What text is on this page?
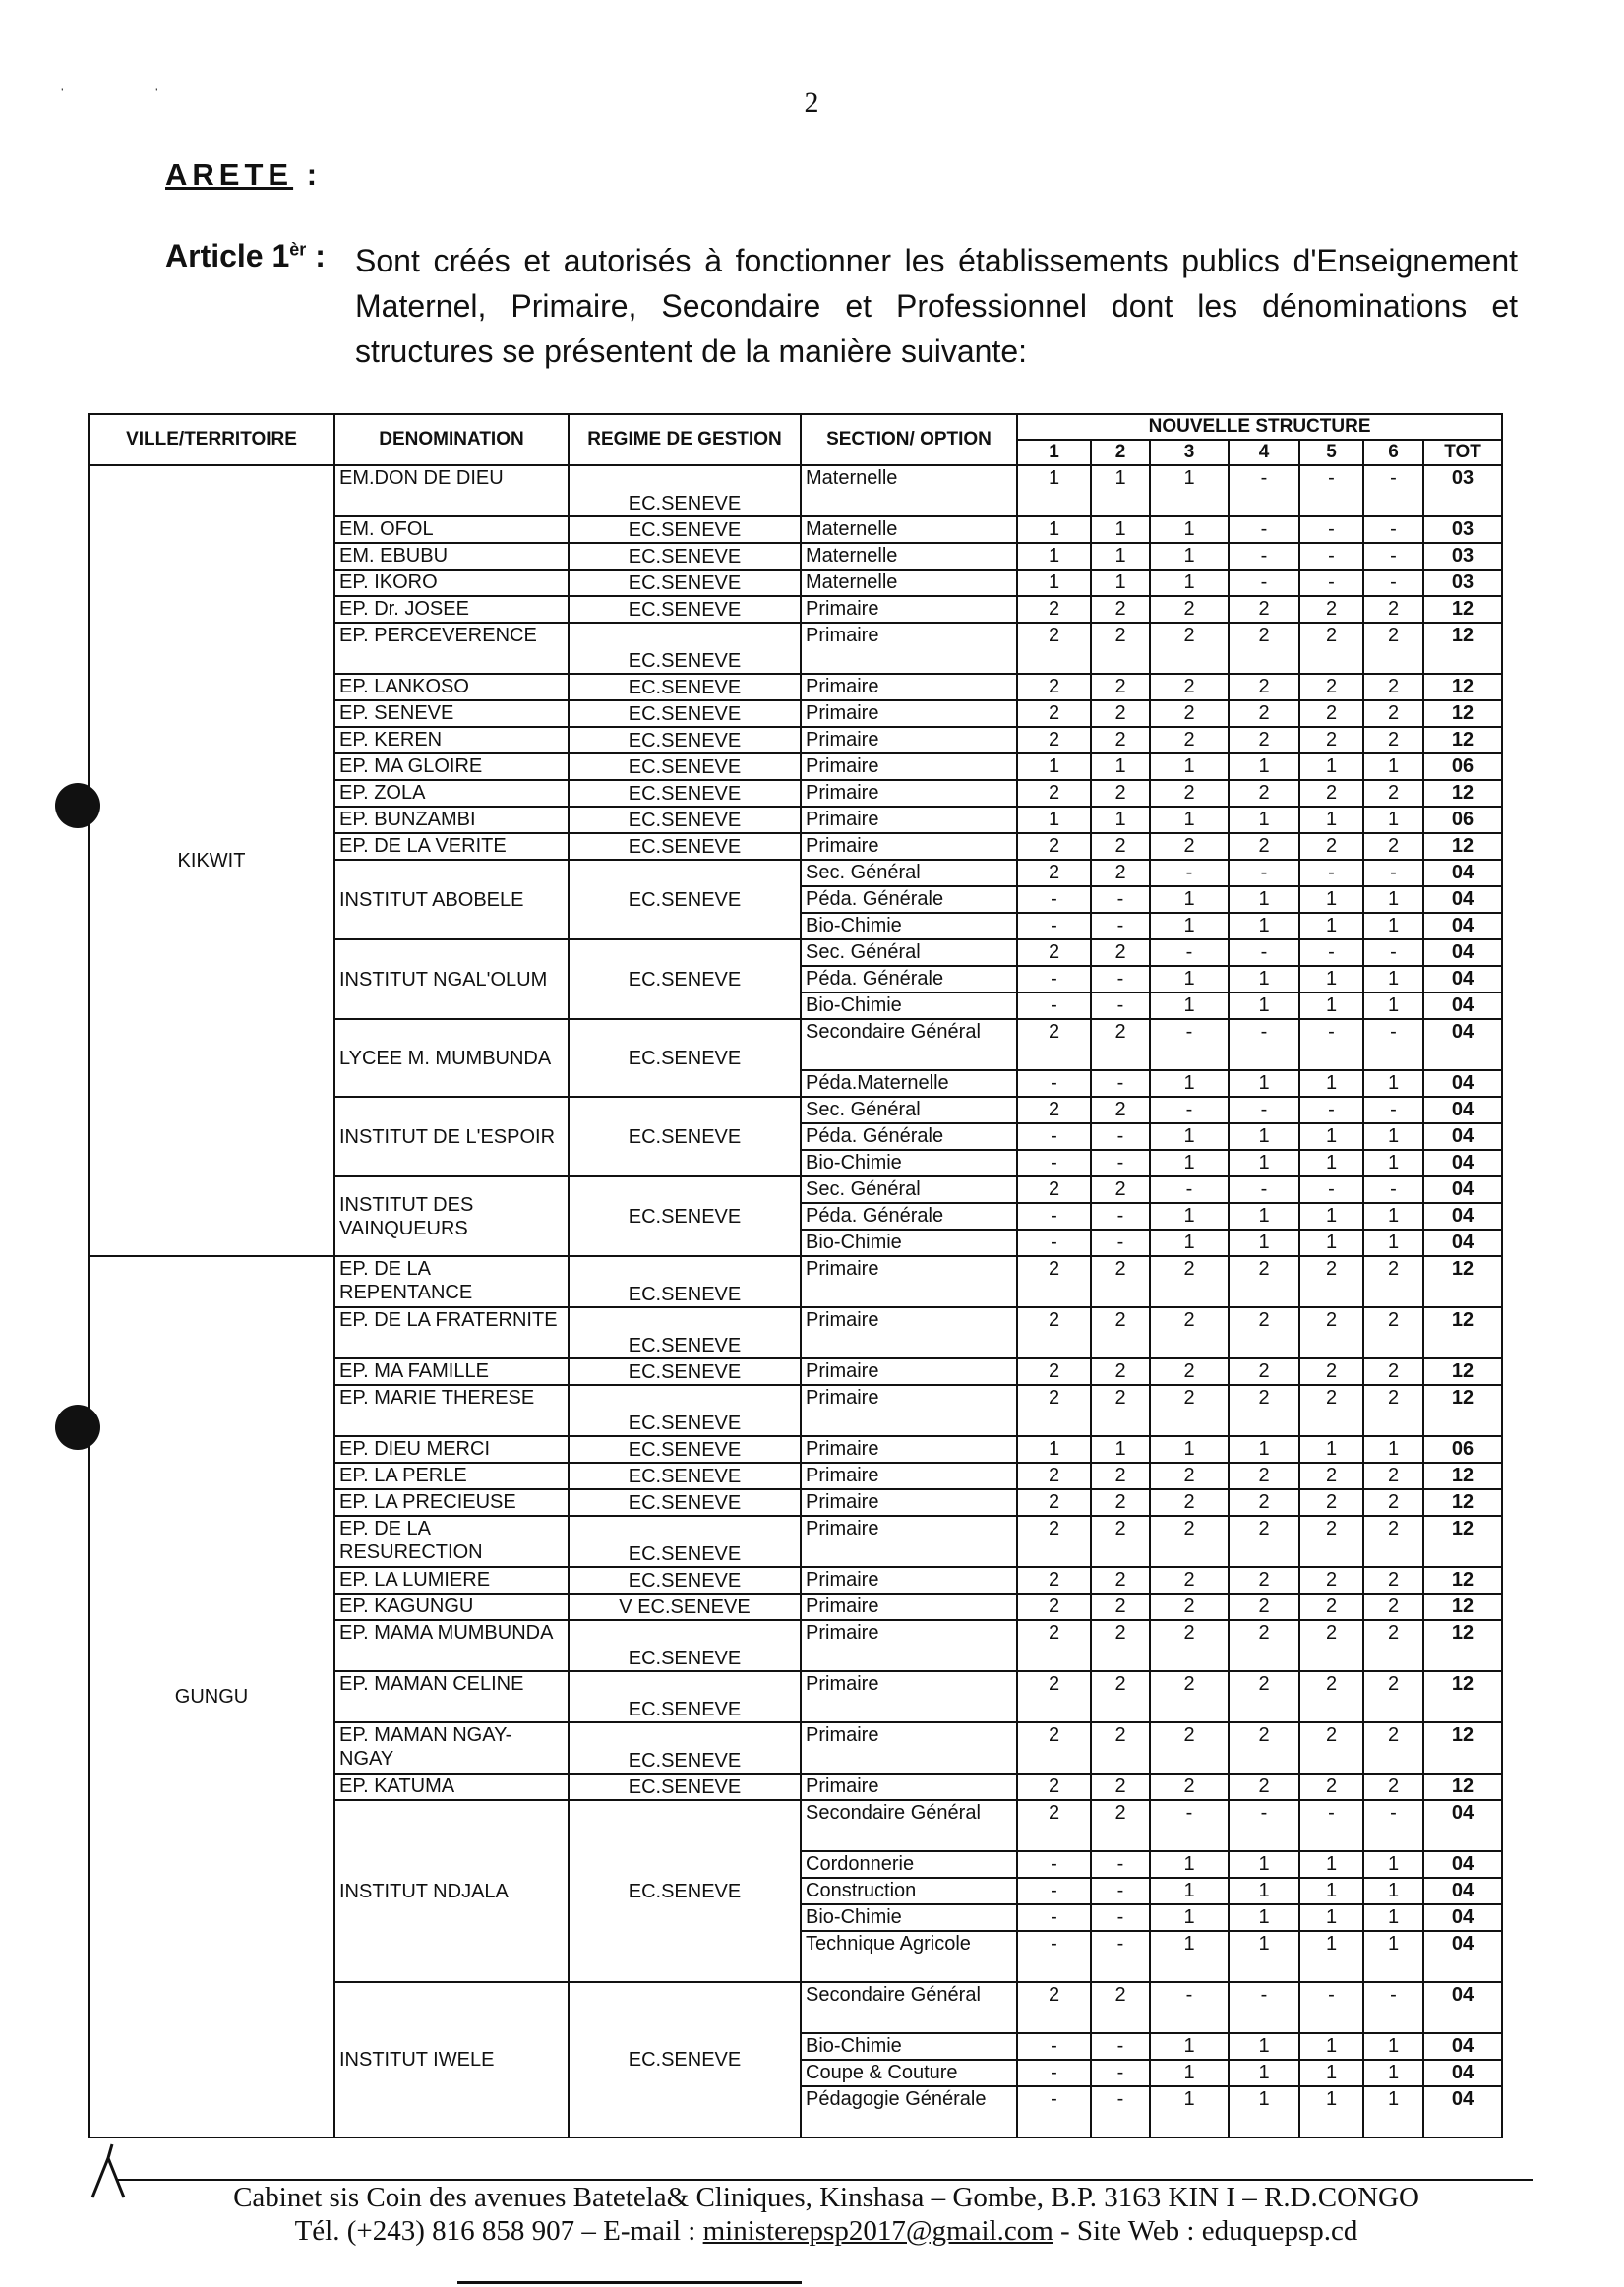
'	'	2
ARETE :
Article $1^{èr}$ : Sont créés et autorisés à fonctionner les établissements publics d'Enseignement Maternel, Primaire, Secondaire et Professionnel dont les dénominations et structures se présentent de la manière suivante:
VILLE/TERRITOIRE	DENOMINATION	REGIME DE GESTION	SECTION/ OPTION	NOUVELLE STRUCTURE						
				1	2	3	4	5	6	TOT
KIKWIT	EM.DON DE DIEU	EC.SENEVE	Maternelle	1	1	1	-	-	-	03
	EM. OFOL	EC.SENEVE	Maternelle	1	1	1	-	-	-	03
	EM. EBUBU	EC.SENEVE	Maternelle	1	1	1	-	-	-	03
	EP. IKORO	EC.SENEVE	Maternelle	1	1	1	-	-	-	03
	EP. Dr. JOSEE	EC.SENEVE	Primaire	2	2	2	2	2	2	12
	EP. PERCEVERENCE	EC.SENEVE	Primaire	2	2	2	2	2	2	12
	EP. LANKOSO	EC.SENEVE	Primaire	2	2	2	2	2	2	12
	EP. SENEVE	EC.SENEVE	Primaire	2	2	2	2	2	2	12
	EP. KEREN	EC.SENEVE	Primaire	2	2	2	2	2	2	12
	EP. MA GLOIRE	EC.SENEVE	Primaire	1	1	1	1	1	1	06
	EP. ZOLA	EC.SENEVE	Primaire	2	2	2	2	2	2	12
	EP. BUNZAMBI	EC.SENEVE	Primaire	1	1	1	1	1	1	06
	EP. DE LA VERITE	EC.SENEVE	Primaire	2	2	2	2	2	2	12
	INSTITUT ABOBELE	EC.SENEVE	Sec. Général	2	2	-	-	-	-	04
			Péda. Générale	-	-	1	1	1	1	04
			Bio-Chimie	-	-	1	1	1	1	04
	INSTITUT NGAL'OLUM	EC.SENEVE	Sec. Général	2	2	-	-	-	-	04
			Péda. Générale	-	-	1	1	1	1	04
			Bio-Chimie	-	-	1	1	1	1	04
	LYCEE M. MUMBUNDA	EC.SENEVE	Secondaire Général	2	2	-	-	-	-	04
			Péda.Maternelle	-	-	1	1	1	1	04
	INSTITUT DE L'ESPOIR	EC.SENEVE	Sec. Général	2	2	-	-	-	-	04
			Péda. Générale	-	-	1	1	1	1	04
			Bio-Chimie	-	-	1	1	1	1	04
	INSTITUT DES VAINQUEURS	EC.SENEVE	Sec. Général	2	2	-	-	-	-	04
			Péda. Générale	-	-	1	1	1	1	04
			Bio-Chimie	-	-	1	1	1	1	04
GUNGU	EP. DE LA REPENTANCE	EC.SENEVE	Primaire	2	2	2	2	2	2	12
	EP. DE LA FRATERNITE	EC.SENEVE	Primaire	2	2	2	2	2	2	12
	EP. MA FAMILLE	EC.SENEVE	Primaire	2	2	2	2	2	2	12
	EP. MARIE THERESE	EC.SENEVE	Primaire	2	2	2	2	2	2	12
	EP. DIEU MERCI	EC.SENEVE	Primaire	1	1	1	1	1	1	06
	EP. LA PERLE	EC.SENEVE	Primaire	2	2	2	2	2	2	12
	EP. LA PRECIEUSE	EC.SENEVE	Primaire	2	2	2	2	2	2	12
	EP. DE LA RESURECTION	EC.SENEVE	Primaire	2	2	2	2	2	2	12
	EP. LA LUMIERE	EC.SENEVE	Primaire	2	2	2	2	2	2	12
	EP. KAGUNGU	V EC.SENEVE	Primaire	2	2	2	2	2	2	12
	EP. MAMA MUMBUNDA	EC.SENEVE	Primaire	2	2	2	2	2	2	12
	EP. MAMAN CELINE	EC.SENEVE	Primaire	2	2	2	2	2	2	12
	EP. MAMAN NGAY-NGAY	EC.SENEVE	Primaire	2	2	2	2	2	2	12
	EP. KATUMA	EC.SENEVE	Primaire	2	2	2	2	2	2	12
	INSTITUT NDJALA	EC.SENEVE	Secondaire Général	2	2	-	-	-	-	04
			Cordonnerie	-	-	1	1	1	1	04
			Construction	-	-	1	1	1	1	04
			Bio-Chimie	-	-	1	1	1	1	04
			Technique Agricole	-	-	1	1	1	1	04
	INSTITUT IWELE	EC.SENEVE	Secondaire Général	2	2	-	-	-	-	04
			Bio-Chimie	-	-	1	1	1	1	04
			Coupe & Couture	-	-	1	1	1	1	04
			Pédagogie Générale	-	-	1	1	1	1	04
Cabinet sis Coin des avenues Batetela& Cliniques, Kinshasa – Gombe, B.P. 3163 KIN I – R.D.CONGO
Tél. (+243) 816 858 907 – E-mail : ministerepsp2017@gmail.com - Site Web : eduquepsp.cd
